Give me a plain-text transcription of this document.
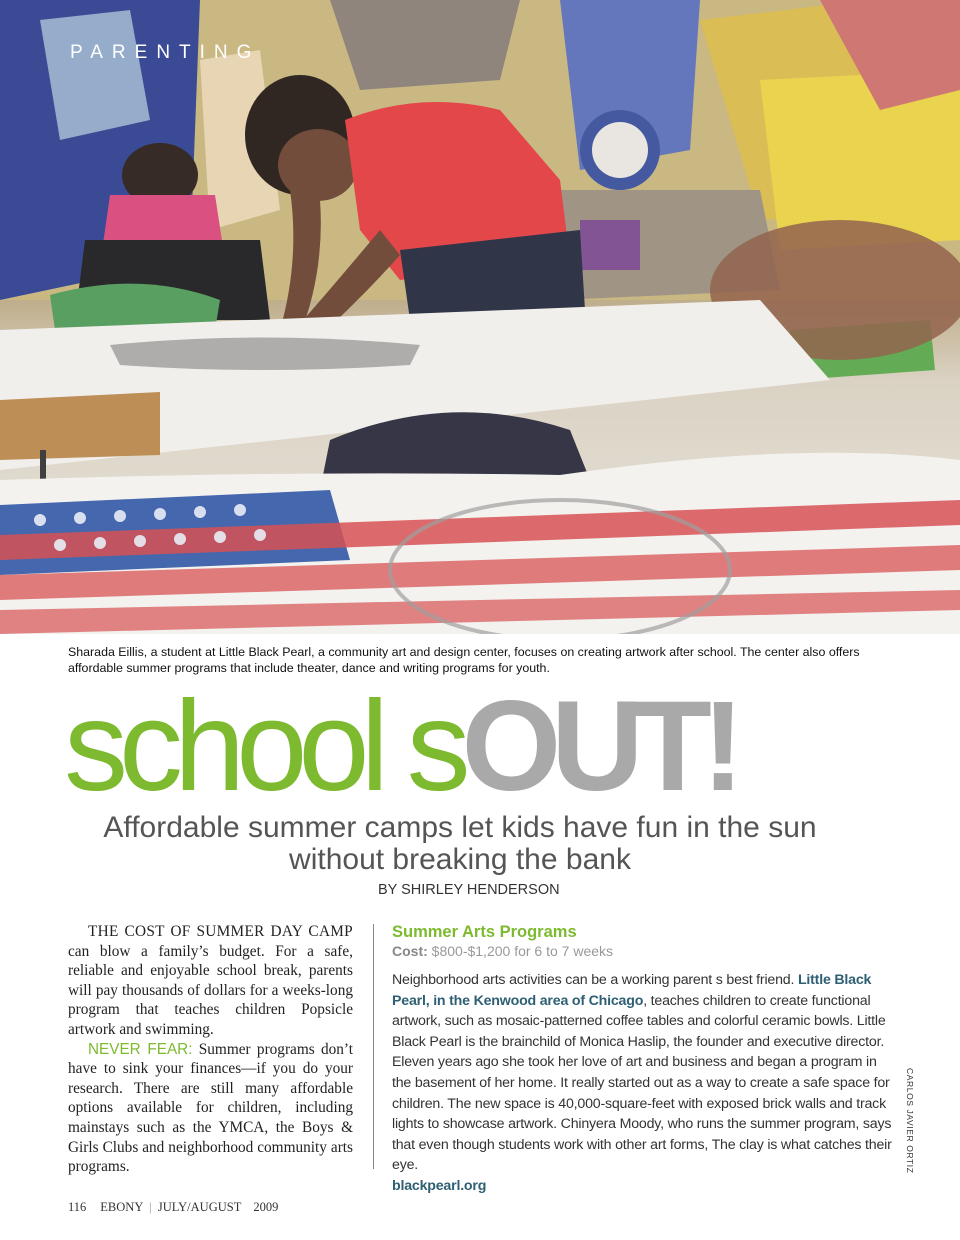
PARENTING
Sharada Eillis, a student at Little Black Pearl, a community art and design center, focuses on creating artwork after school. The center also offers affordable summer programs that include theater, dance and writing programs for youth.
school sOUT!
Affordable summer camps let kids have fun in the sun without breaking the bank
BY SHIRLEY HENDERSON

THE COST OF SUMMER DAY CAMP can blow a family’s budget. For a safe, reliable and enjoyable school break, parents will pay thousands of dollars for a weeks-long program that teaches children Popsicle artwork and swimming.

NEVER FEAR: Summer programs don’t have to sink your finances—if you do your research. There are still many affordable options available for children, including mainstays such as the YMCA, the Boys & Girls Clubs and neighborhood community arts programs.

Summer Arts Programs
Cost: $800-$1,200 for 6 to 7 weeks
Neighborhood arts activities can be a working parent s best friend. Little Black Pearl, in the Kenwood area of Chicago, teaches children to create functional artwork, such as mosaic-patterned coffee tables and colorful ceramic bowls. Little Black Pearl is the brainchild of Monica Haslip, the founder and executive director. Eleven years ago she took her love of art and business and began a program in the basement of her home. It really started out as a way to create a safe space for children. The new space is 40,000-square-feet with exposed brick walls and track lights to showcase artwork. Chinyera Moody, who runs the summer program, says that even though students work with other art forms, The clay is what catches their eye.
blackpearl.org
CARLOS JAVIER ORTIZ
116 EBONY | JULY/AUGUST 2009
